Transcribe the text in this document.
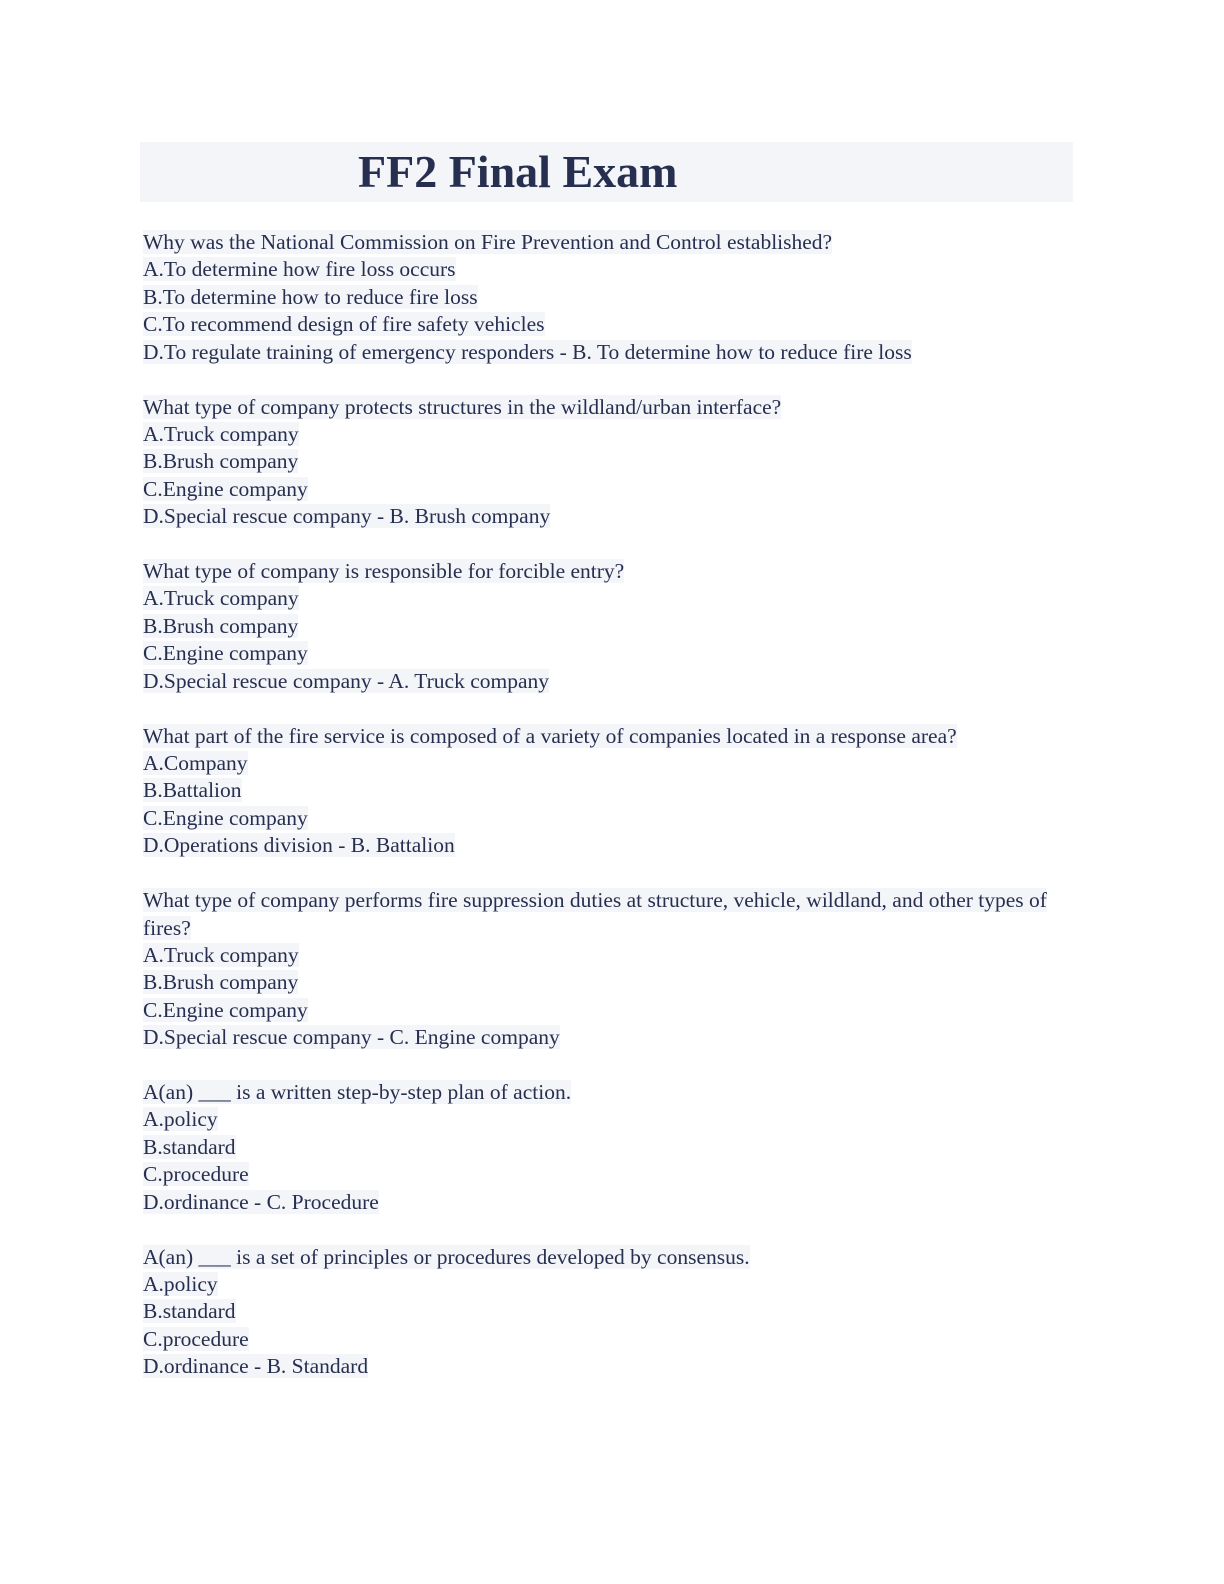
FF2 Final Exam
Why was the National Commission on Fire Prevention and Control established?
A.To determine how fire loss occurs
B.To determine how to reduce fire loss
C.To recommend design of fire safety vehicles
D.To regulate training of emergency responders - B. To determine how to reduce fire loss
What type of company protects structures in the wildland/urban interface?
A.Truck company
B.Brush company
C.Engine company
D.Special rescue company - B. Brush company
What type of company is responsible for forcible entry?
A.Truck company
B.Brush company
C.Engine company
D.Special rescue company - A. Truck company
What part of the fire service is composed of a variety of companies located in a response area?
A.Company
B.Battalion
C.Engine company
D.Operations division - B. Battalion
What type of company performs fire suppression duties at structure, vehicle, wildland, and other types of fires?
A.Truck company
B.Brush company
C.Engine company
D.Special rescue company - C. Engine company
A(an) ___ is a written step-by-step plan of action.
A.policy
B.standard
C.procedure
D.ordinance - C. Procedure
A(an) ___ is a set of principles or procedures developed by consensus.
A.policy
B.standard
C.procedure
D.ordinance - B. Standard
